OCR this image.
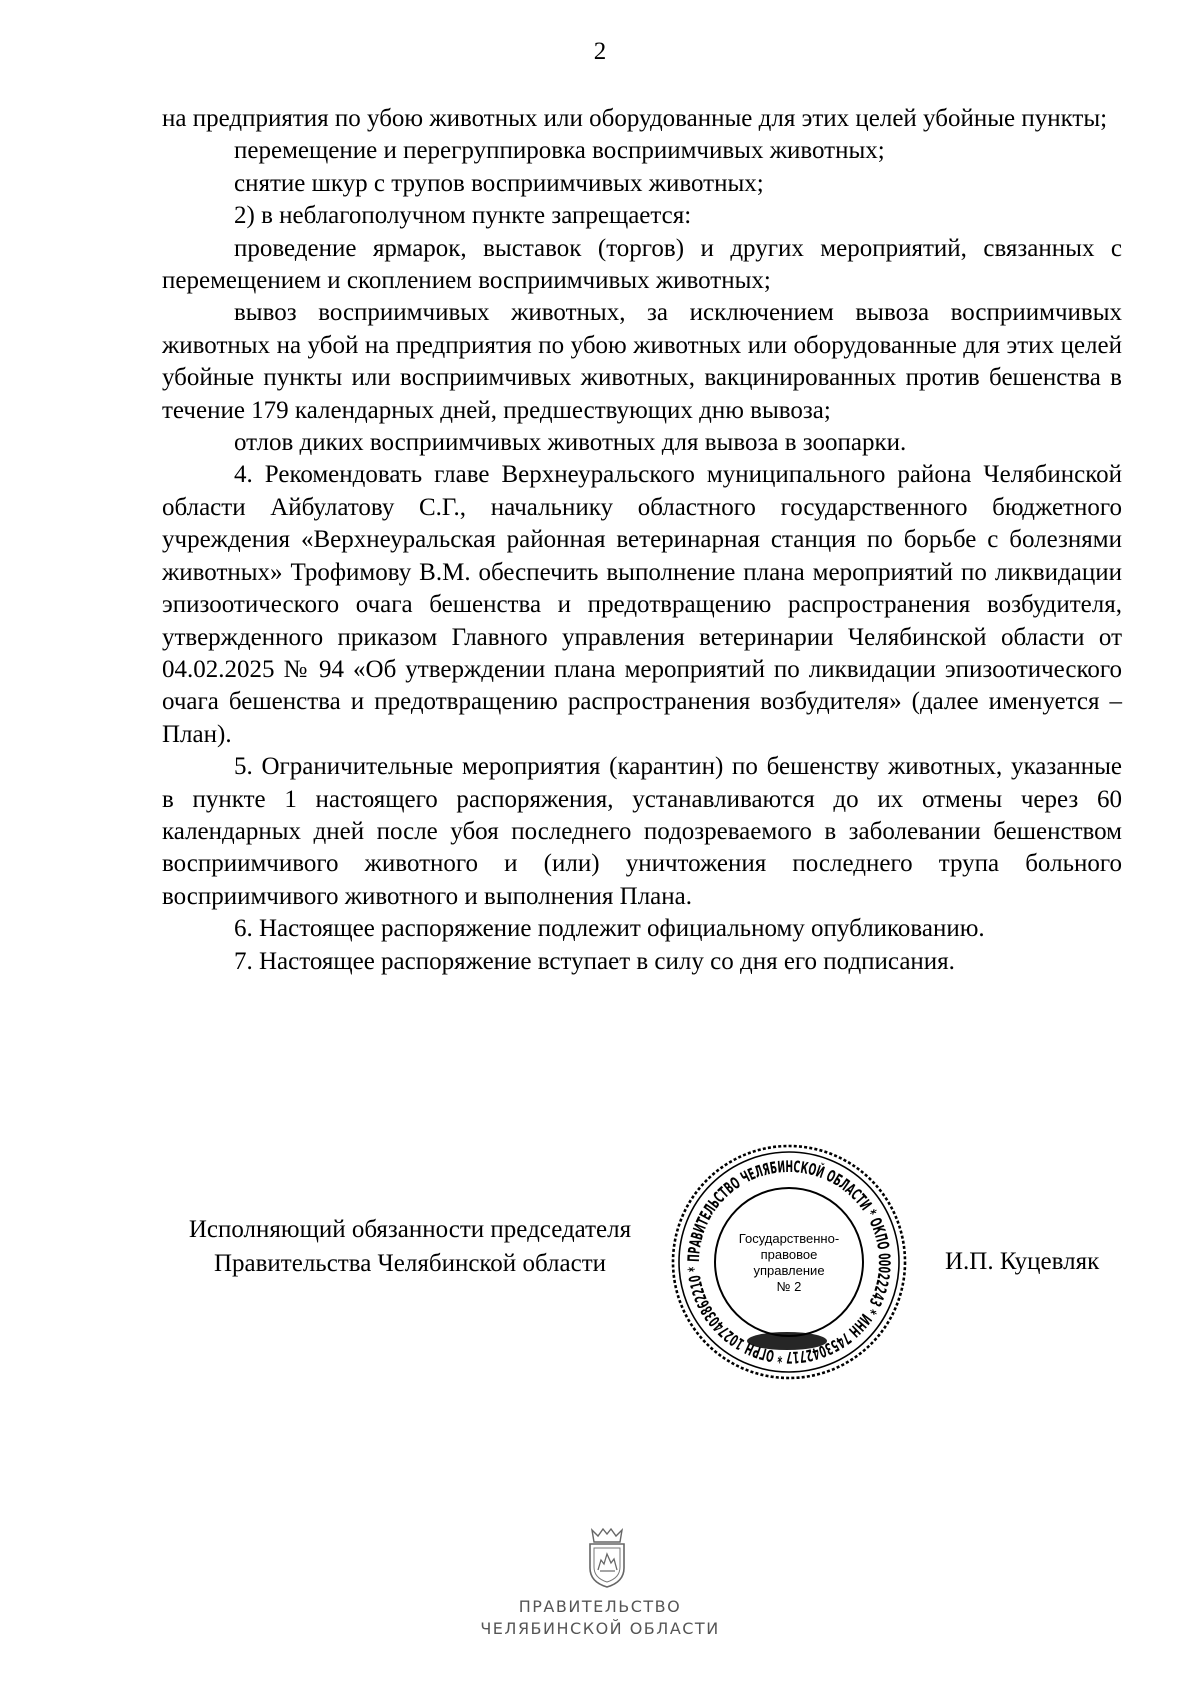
2

на предприятия по убою животных или оборудованные для этих целей убойные пункты;

перемещение и перегруппировка восприимчивых животных;

снятие шкур с трупов восприимчивых животных;

2) в неблагополучном пункте запрещается:

проведение ярмарок, выставок (торгов) и других мероприятий, связанных с перемещением и скоплением восприимчивых животных;

вывоз восприимчивых животных, за исключением вывоза восприимчивых животных на убой на предприятия по убою животных или оборудованные для этих целей убойные пункты или восприимчивых животных, вакцинированных против бешенства в течение 179 календарных дней, предшествующих дню вывоза;

отлов диких восприимчивых животных для вывоза в зоопарки.

4. Рекомендовать главе Верхнеуральского муниципального района Челябинской области Айбулатову С.Г., начальнику областного государственного бюджетного учреждения «Верхнеуральская районная ветеринарная станция по борьбе с болезнями животных» Трофимову В.М. обеспечить выполнение плана мероприятий по ликвидации эпизоотического очага бешенства и предотвращению распространения возбудителя, утвержденного приказом Главного управления ветеринарии Челябинской области от 04.02.2025 № 94 «Об утверждении плана мероприятий по ликвидации эпизоотического очага бешенства и предотвращению распространения возбудителя» (далее именуется – План).

5. Ограничительные мероприятия (карантин) по бешенству животных, указанные в пункте 1 настоящего распоряжения, устанавливаются до их отмены через 60 календарных дней после убоя последнего подозреваемого в заболевании бешенством восприимчивого животного и (или) уничтожения последнего трупа больного восприимчивого животного и выполнения Плана.

6. Настоящее распоряжение подлежит официальному опубликованию.

7. Настоящее распоряжение вступает в силу со дня его подписания.

Исполняющий обязанности председателя
Правительства Челябинской области	ПРАВИТЕЛЬСТВО ЧЕЛЯБИНСКОЙ ОБЛАСТИ * ОКПО 00022243 * ИНН 7453042717 * ОГРН 1027403862210 *
Государственно-
правовое
управление
№ 2
И.П. Куцевляк
ПРАВИТЕЛЬСТВО
ЧЕЛЯБИНСКОЙ ОБЛАСТИ
